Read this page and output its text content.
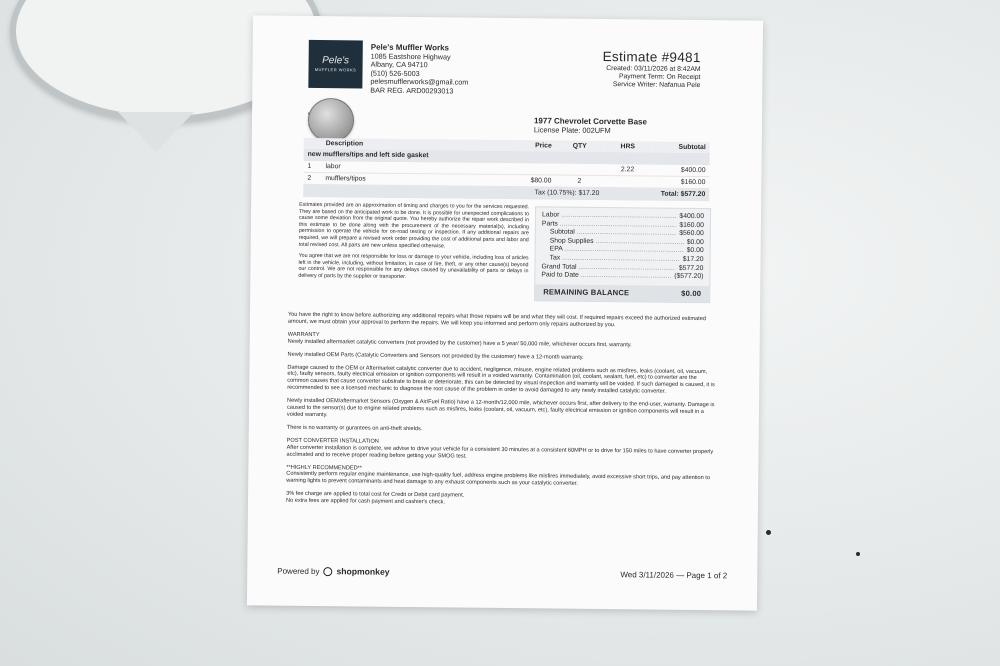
Pele's
MUFFLER WORKS
Pele's Muffler Works
1085 Eastshore Highway
Albany, CA 94710
(510) 526-5003
pelesmufflerworks@gmail.com
BAR REG. ARD00293013
Estimate #9481
Created: 03/11/2026 at 8:42AM
Payment Term: On Receipt
Service Writer: Nafanua Pele
1977 Chevrolet Corvette Base
License Plate: 002UFM
new mufflers/tips and left side gasket					
	Description	Price	QTY	HRS	Subtotal
1	labor			2.22	$400.00
2	mufflers/tipos	$80.00	2		$160.00
Tax (10.75%): $17.20				Total: $577.20	

Estimates provided are an approximation of timing and charges to you for the services requested. They are based on the anticipated work to be done. It is possible for unexpected complications to cause some deviation from the original quote. You hereby authorize the repair work described in this estimate to be done along with the procurement of the necessary material(s), including permission to operate the vehicle for on-road testing or inspection. If any additional repairs are required, we will prepare a revised work order providing the cost of additional parts and labor and total revised cost. All parts are new unless specified otherwise.

You agree that we are not responsible for loss or damage to your vehicle, including loss of articles left in the vehicle, including, without limitation, in case of fire, theft, or any other cause(s) beyond our control. We are not responsible for any delays caused by unavailability of parts or delays in delivery of parts by the supplier or transporter.

Labor .....	$400.00
Parts .....	$160.00
Subtotal .....	$560.00
Shop Supplies .....	$0.00
EPA .....	$0.00
Tax .....	$17.20
Grand Total .....	$577.20
Paid to Date .....	($577.20)
REMAINING BALANCE	$0.00

You have the right to know before authorizing any additional repairs what those repairs will be and what they will cost. If required repairs exceed the authorized estimated amount, we must obtain your approval to perform the repairs. We will keep you informed and perform only repairs authorized by you.

WARRANTY

Newly installed aftermarket catalytic converters (not provided by the customer) have a 5 year/ 50,000 mile, whichever occurs first, warranty.

Newly installed OEM Parts (Catalytic Converters and Sensors not provided by the customer) have a 12-month warranty.

Damage caused to the OEM or Aftermarket catalytic converter due to accident, negligence, misuse, engine related problems such as misfires, leaks (coolant, oil, vacuum, etc), faulty sensors, faulty electrical emission or ignition components will result in a voided warranty. Contamination (oil, coolant, sealant, fuel, etc) to converter are the common causes that cause converter substrate to break or deteriorate, this can be detected by visual inspection and warranty will be voided. If such damaged is caused, it is recommended to see a licensed mechanic to diagnose the root cause of the problem in order to avoid damaged to any newly installed catalytic converter.

Newly installed OEM/aftermarket Sensors (Oxygen & Air/Fuel Ratio) have a 12-month/12,000 mile, whichever occurs first, after delivery to the end-user, warranty. Damage is caused to the sensor(s) due to engine related problems such as misfires, leaks (coolant, oil, vacuum, etc), faulty electrical emission or ignition components will result in a voided warranty.

There is no warranty or gurantees on anti-theft shields.

POST CONVERTER INSTALLATION

After converter installation is complete, we advise to drive your vehicle for a consistent 30 minutes at a consistent 60MPH or to drive for 150 miles to have converter properly acclimated and to receive proper reading before getting your SMOG test.

**HIGHLY RECOMMENDED**

Consistently perform regular engine maintenance, use high-quality fuel, address engine problems like misfires immediately, avoid excessive short trips, and pay attention to warning lights to prevent contaminants and heat damage to any exhaust components such as your catalytic converter.

3% fee charge are applied to total cost for Credit or Debit card payment.
No extra fees are applied for cash payment and cashier's check.
Powered by shopmonkey	Wed 3/11/2026 — Page 1 of 2
